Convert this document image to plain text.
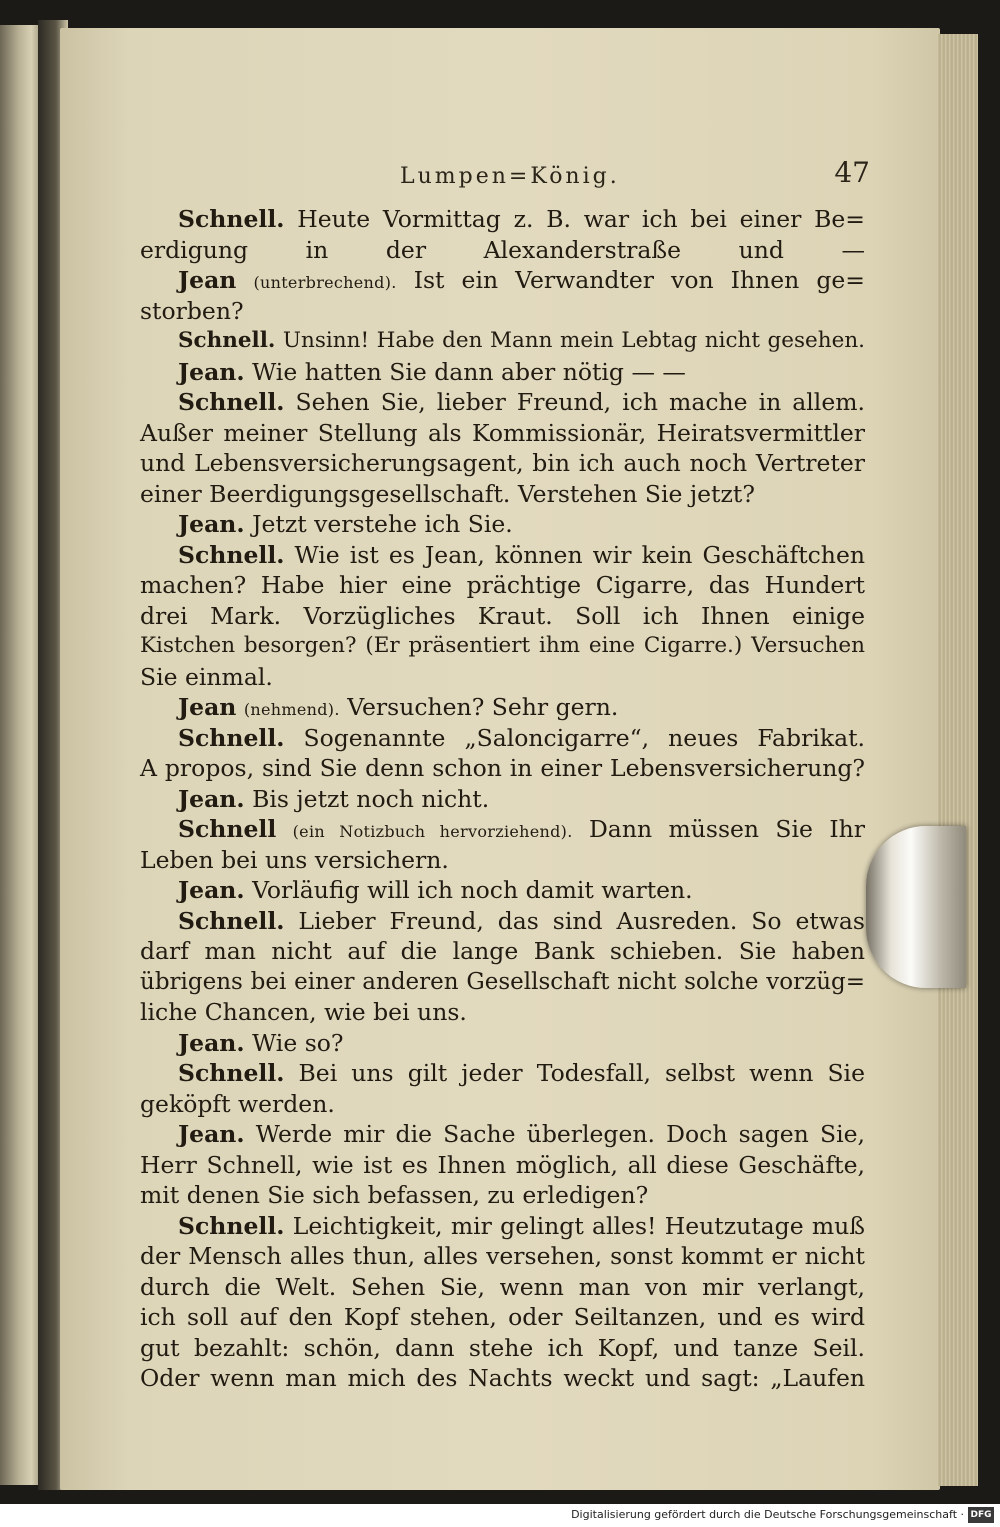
Lumpen=König.	47
Schnell. Heute Vormittag z. B. war ich bei einer Be=
erdigung in der Alexanderstraße und —
Jean (unterbrechend). Ist ein Verwandter von Ihnen ge=
storben?
Schnell. Unsinn! Habe den Mann mein Lebtag nicht gesehen.
Jean. Wie hatten Sie dann aber nötig — —
Schnell. Sehen Sie, lieber Freund, ich mache in allem.
Außer meiner Stellung als Kommissionär, Heiratsvermittler
und Lebensversicherungsagent, bin ich auch noch Vertreter
einer Beerdigungsgesellschaft. Verstehen Sie jetzt?
Jean. Jetzt verstehe ich Sie.
Schnell. Wie ist es Jean, können wir kein Geschäftchen
machen? Habe hier eine prächtige Cigarre, das Hundert
drei Mark. Vorzügliches Kraut. Soll ich Ihnen einige
Kistchen besorgen? (Er präsentiert ihm eine Cigarre.) Versuchen
Sie einmal.
Jean (nehmend). Versuchen? Sehr gern.
Schnell. Sogenannte „Saloncigarre“, neues Fabrikat.
A propos, sind Sie denn schon in einer Lebensversicherung?
Jean. Bis jetzt noch nicht.
Schnell (ein Notizbuch hervorziehend). Dann müssen Sie Ihr
Leben bei uns versichern.
Jean. Vorläufig will ich noch damit warten.
Schnell. Lieber Freund, das sind Ausreden. So etwas
darf man nicht auf die lange Bank schieben. Sie haben
übrigens bei einer anderen Gesellschaft nicht solche vorzüg=
liche Chancen, wie bei uns.
Jean. Wie so?
Schnell. Bei uns gilt jeder Todesfall, selbst wenn Sie
geköpft werden.
Jean. Werde mir die Sache überlegen. Doch sagen Sie,
Herr Schnell, wie ist es Ihnen möglich, all diese Geschäfte,
mit denen Sie sich befassen, zu erledigen?
Schnell. Leichtigkeit, mir gelingt alles! Heutzutage muß
der Mensch alles thun, alles versehen, sonst kommt er nicht
durch die Welt. Sehen Sie, wenn man von mir verlangt,
ich soll auf den Kopf stehen, oder Seiltanzen, und es wird
gut bezahlt: schön, dann stehe ich Kopf, und tanze Seil.
Oder wenn man mich des Nachts weckt und sagt: „Laufen
Digitalisierung gefördert durch die Deutsche Forschungsgemeinschaft · DFG
